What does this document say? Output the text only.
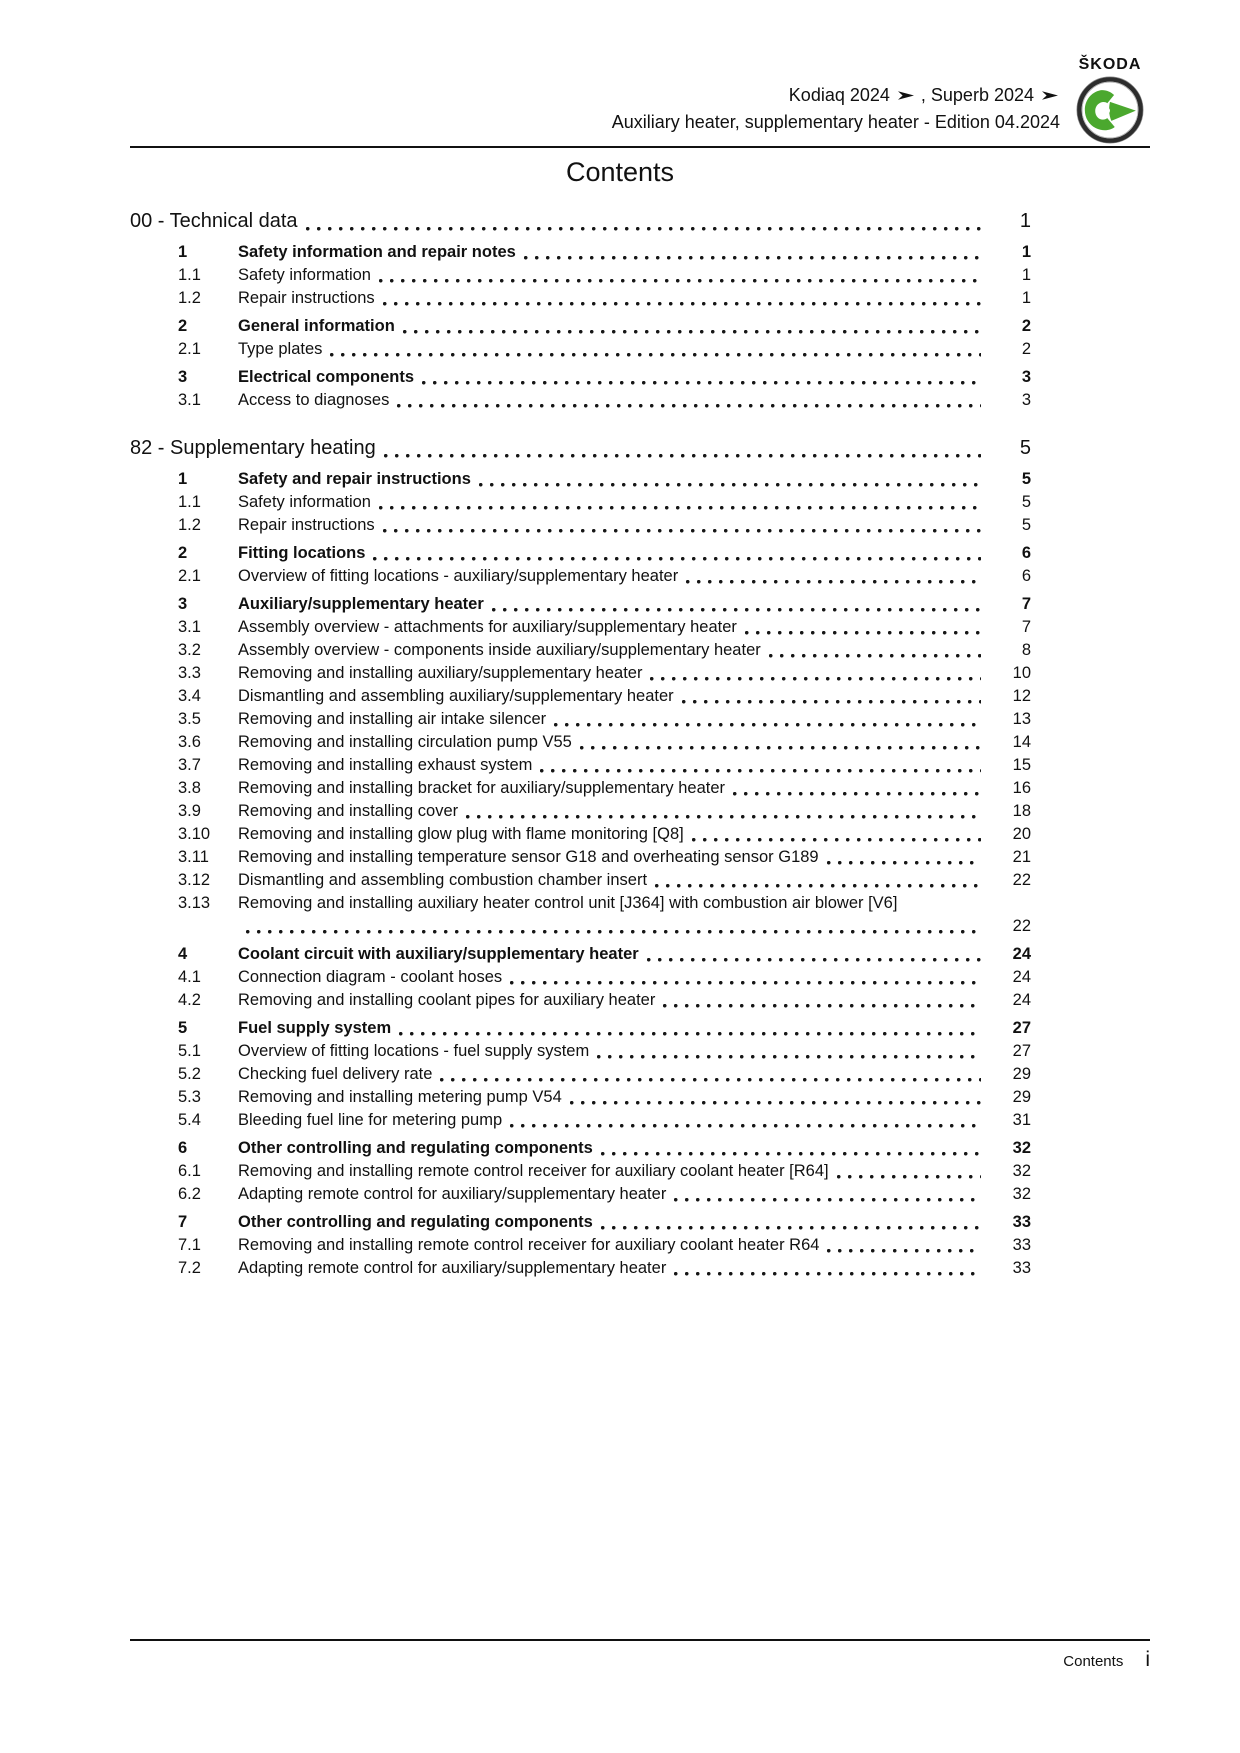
Kodiaq 2024 , Superb 2024
Auxiliary heater, supplementary heater - Edition 04.2024
ŠKODA
Contents
00 - Technical data	1
1	Safety information and repair notes	1
1.1	Safety information	1
1.2	Repair instructions	1
2	General information	2
2.1	Type plates	2
3	Electrical components	3
3.1	Access to diagnoses	3
82 - Supplementary heating	5
1	Safety and repair instructions	5
1.1	Safety information	5
1.2	Repair instructions	5
2	Fitting locations	6
2.1	Overview of fitting locations - auxiliary/supplementary heater	6
3	Auxiliary/supplementary heater	7
3.1	Assembly overview - attachments for auxiliary/supplementary heater	7
3.2	Assembly overview - components inside auxiliary/supplementary heater	8
3.3	Removing and installing auxiliary/supplementary heater	10
3.4	Dismantling and assembling auxiliary/supplementary heater	12
3.5	Removing and installing air intake silencer	13
3.6	Removing and installing circulation pump V55	14
3.7	Removing and installing exhaust system	15
3.8	Removing and installing bracket for auxiliary/supplementary heater	16
3.9	Removing and installing cover	18
3.10	Removing and installing glow plug with flame monitoring [Q8]	20
3.11	Removing and installing temperature sensor G18 and overheating sensor G189	21
3.12	Dismantling and assembling combustion chamber insert	22
3.13	Removing and installing auxiliary heater control unit [J364] with combustion air blower [V6]
22
4	Coolant circuit with auxiliary/supplementary heater	24
4.1	Connection diagram - coolant hoses	24
4.2	Removing and installing coolant pipes for auxiliary heater	24
5	Fuel supply system	27
5.1	Overview of fitting locations - fuel supply system	27
5.2	Checking fuel delivery rate	29
5.3	Removing and installing metering pump V54	29
5.4	Bleeding fuel line for metering pump	31
6	Other controlling and regulating components	32
6.1	Removing and installing remote control receiver for auxiliary coolant heater [R64]	32
6.2	Adapting remote control for auxiliary/supplementary heater	32
7	Other controlling and regulating components	33
7.1	Removing and installing remote control receiver for auxiliary coolant heater R64	33
7.2	Adapting remote control for auxiliary/supplementary heater	33
Contents i
